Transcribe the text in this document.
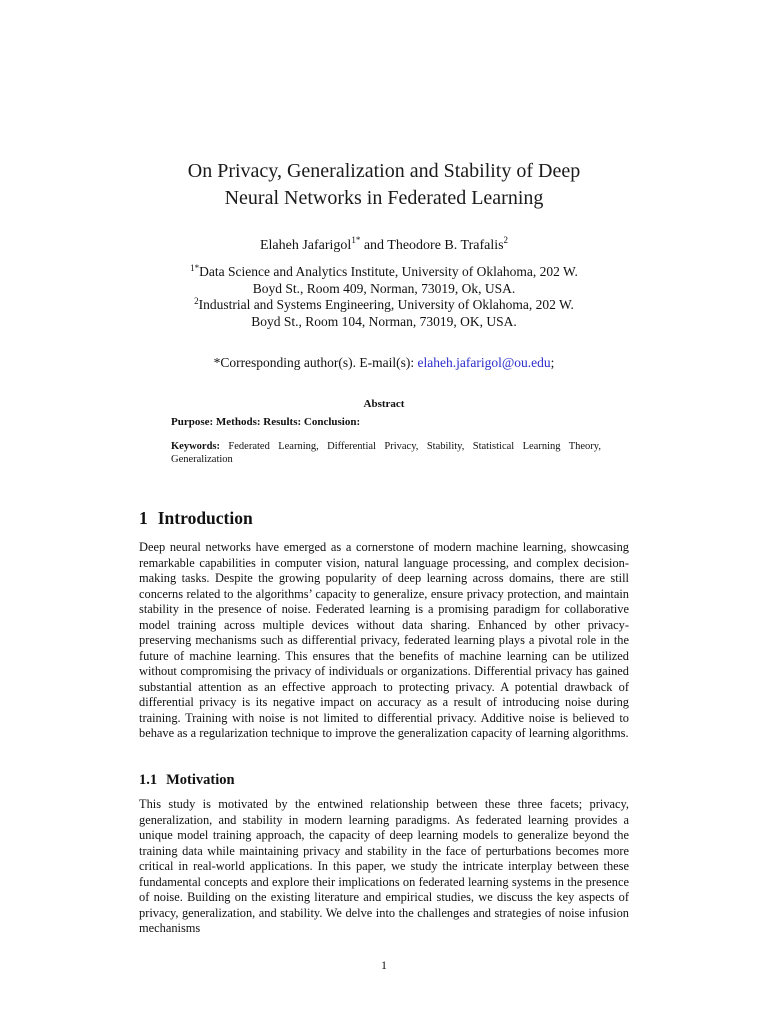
On Privacy, Generalization and Stability of Deep
Neural Networks in Federated Learning
Elaheh Jafarigol$^{1*}$ and Theodore B. Trafalis$^2$
$^{1*}$Data Science and Analytics Institute, University of Oklahoma, 202 W.
Boyd St., Room 409, Norman, 73019, Ok, USA.
$^2$Industrial and Systems Engineering, University of Oklahoma, 202 W.
Boyd St., Room 104, Norman, 73019, OK, USA.
*Corresponding author(s). E-mail(s): elaheh.jafarigol@ou.edu;
Abstract
Purpose: Methods: Results: Conclusion:
Keywords: Federated Learning, Differential Privacy, Stability, Statistical Learning Theory, Generalization
1 Introduction
Deep neural networks have emerged as a cornerstone of modern machine learning, showcasing remarkable capabilities in computer vision, natural language processing, and complex decision-making tasks. Despite the growing popularity of deep learning across domains, there are still concerns related to the algorithms’ capacity to generalize, ensure privacy protection, and maintain stability in the presence of noise. Federated learning is a promising paradigm for collaborative model training across multiple devices without data sharing. Enhanced by other privacy-preserving mechanisms such as differential privacy, federated learning plays a pivotal role in the future of machine learning. This ensures that the benefits of machine learning can be utilized without compromising the privacy of individuals or organizations. Differential privacy has gained substantial attention as an effective approach to protecting privacy. A potential drawback of differential privacy is its negative impact on accuracy as a result of introducing noise during training. Training with noise is not limited to differential privacy. Additive noise is believed to behave as a regularization technique to improve the generalization capacity of learning algorithms.
1.1 Motivation
This study is motivated by the entwined relationship between these three facets; privacy, generalization, and stability in modern learning paradigms. As federated learning provides a unique model training approach, the capacity of deep learning models to generalize beyond the training data while maintaining privacy and stability in the face of perturbations becomes more critical in real-world applications. In this paper, we study the intricate interplay between these fundamental concepts and explore their implications on federated learning systems in the presence of noise. Building on the existing literature and empirical studies, we discuss the key aspects of privacy, generalization, and stability. We delve into the challenges and strategies of noise infusion mechanisms
1
